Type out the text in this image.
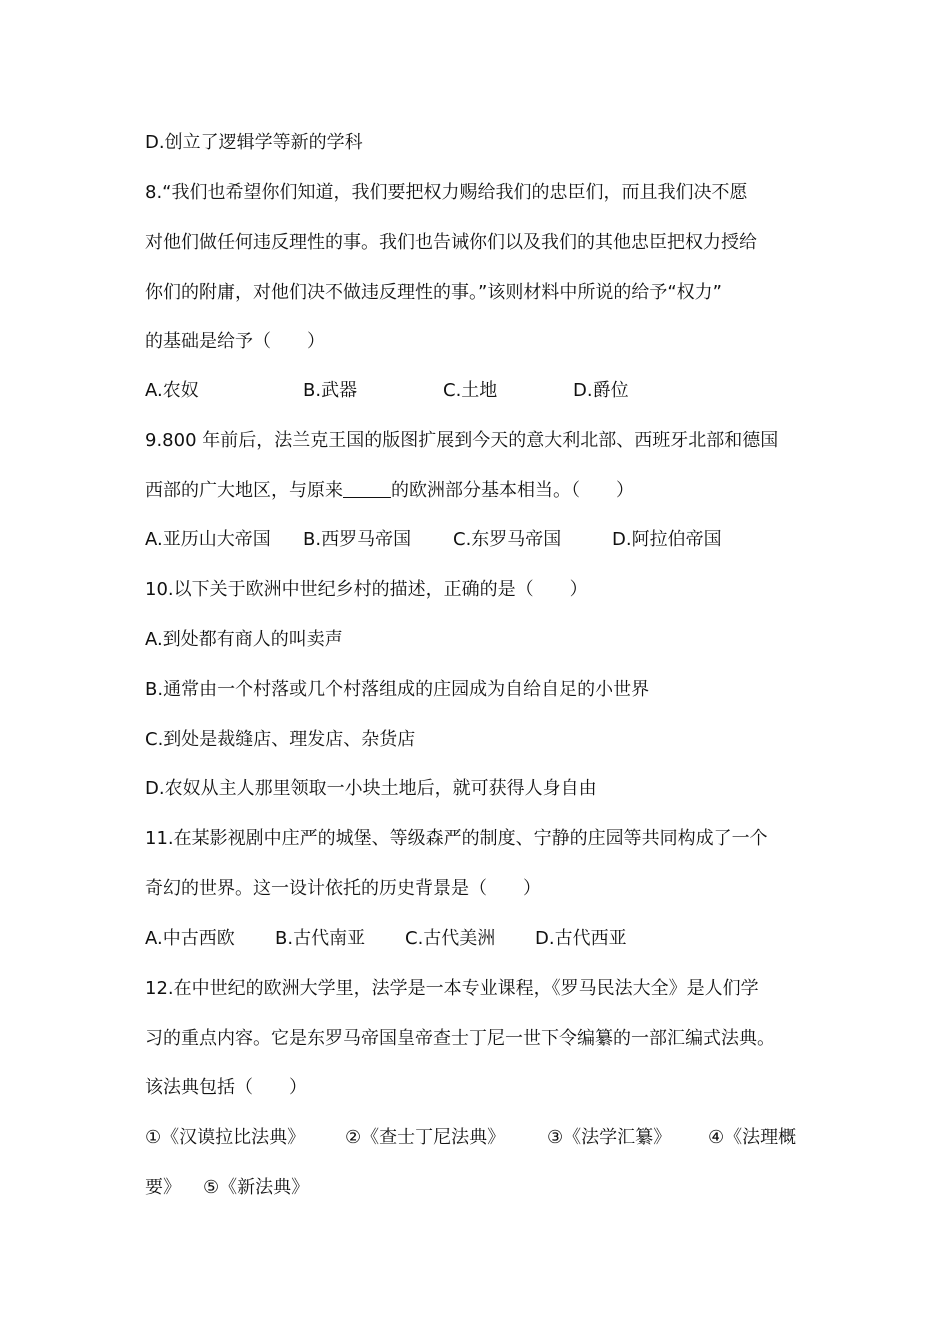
D.创立了逻辑学等新的学科
8.“我们也希望你们知道，我们要把权力赐给我们的忠臣们，而且我们决不愿
对他们做任何违反理性的事。我们也告诫你们以及我们的其他忠臣把权力授给
你们的附庸，对他们决不做违反理性的事。”该则材料中所说的给予“权力”
的基础是给予（　　）
A.农奴	B.武器	C.土地	D.爵位
9.800 年前后，法兰克王国的版图扩展到今天的意大利北部、西班牙北部和德国
西部的广大地区，与原来	的欧洲部分基本相当。（　　）
A.亚历山大帝国 B.西罗马帝国 C.东罗马帝国	D.阿拉伯帝国
10.以下关于欧洲中世纪乡村的描述，正确的是（　　）
A.到处都有商人的叫卖声
B.通常由一个村落或几个村落组成的庄园成为自给自足的小世界
C.到处是裁缝店、理发店、杂货店
D.农奴从主人那里领取一小块土地后，就可获得人身自由
11.在某影视剧中庄严的城堡、等级森严的制度、宁静的庄园等共同构成了一个
奇幻的世界。这一设计依托的历史背景是（　　）
A.中古西欧 B.古代南亚 C.古代美洲 D.古代西亚
12.在中世纪的欧洲大学里，法学是一本专业课程，《罗马民法大全》是人们学
习的重点内容。它是东罗马帝国皇帝查士丁尼一世下令编纂的一部汇编式法典。
该法典包括（　　）
①《汉谟拉比法典》 ②《查士丁尼法典》 ③《法学汇纂》 ④《法理概
要》 ⑤《新法典》
